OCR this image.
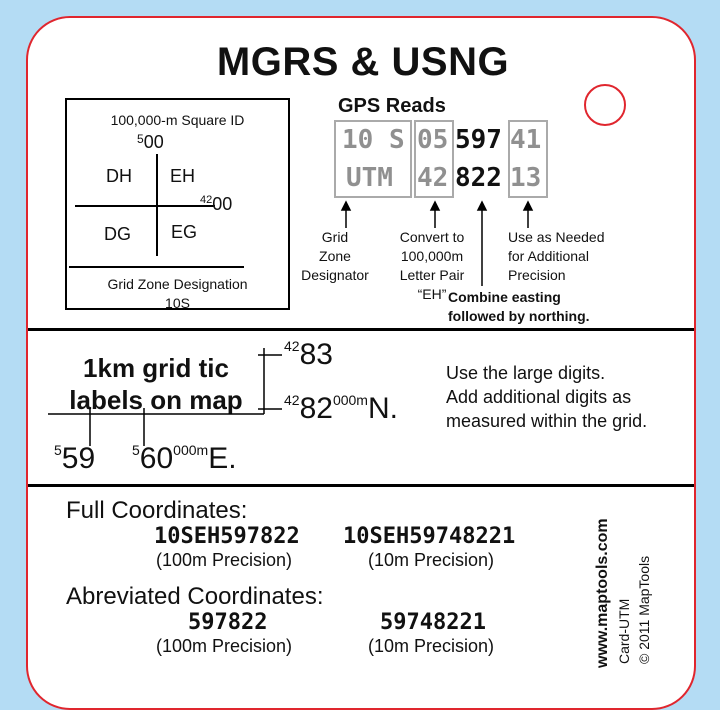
MGRS & USNG
100,000-m Square ID
$^5$00
DH EH
DG EG
$^{42}$00
Grid Zone Designation
10S
GPS Reads
10 S 05 597 41
UTM 42 822 13
Grid
Zone
Designator
Convert to
100,000m
Letter Pair
“EH”
Use as Needed
for Additional
Precision
Combine easting
followed by northing.
1km grid tic
labels on map
4283
4282000mN.
559	560000mE.
Use the large digits.
Add additional digits as
measured within the grid.
Full Coordinates:
10SEH597822
(100m Precision)
10SEH59748221
(10m Precision)
Abreviated Coordinates:
597822
(100m Precision)
59748221
(10m Precision)	www.maptools.com Card-UTM © 2011 MapTools
